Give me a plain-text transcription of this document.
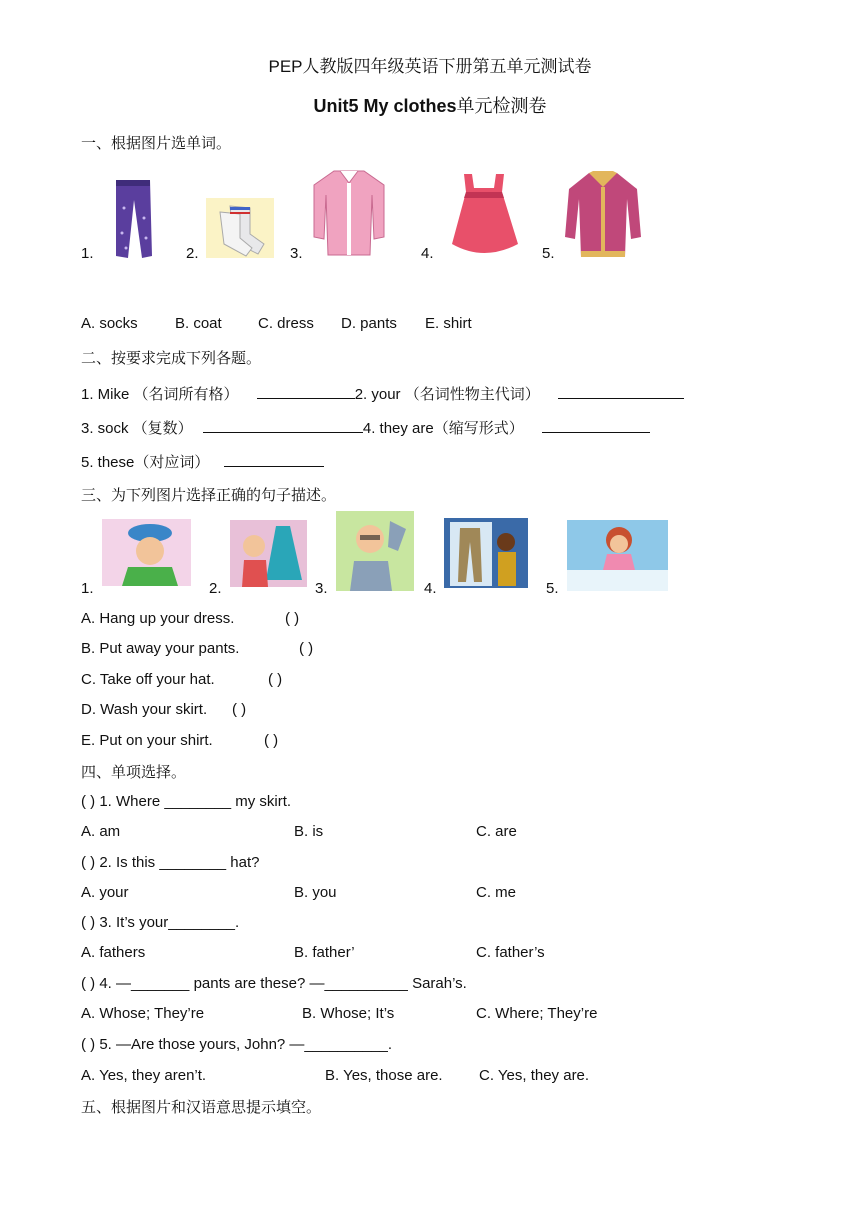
PEP人教版四年级英语下册第五单元测试卷
Unit5 My clothes单元检测卷
一、根据图片选单词。
1.	2.	3.	4.	5.
A. socks B. coat C. dress D. pants E. shirt
二、按要求完成下列各题。
1. Mike （名词所有格）	2. your （名词性物主代词）
3. sock （复数）	4. they are（缩写形式）
5. these（对应词）
三、为下列图片选择正确的句子描述。
1.	2.	3.	4.	5.
A. Hang up your dress.	( )
B. Put away your pants.	( )
C. Take off your hat.	( )
D. Wash your skirt. ( )
E. Put on your shirt.	( )
四、单项选择。
( ) 1. Where ________ my skirt.
A. am	B. is	C. are
( ) 2. Is this ________ hat?
A. your	B. you	C. me
( ) 3. It’s your________.
A. fathers	B. father’	C. father’s
( ) 4. —_______ pants are these? —__________ Sarah’s.
A. Whose; They’re	B. Whose; It’s	C. Where; They’re
( ) 5. —Are those yours, John? —__________.
A. Yes, they aren’t.	B. Yes, those are. C. Yes, they are.
五、根据图片和汉语意思提示填空。
